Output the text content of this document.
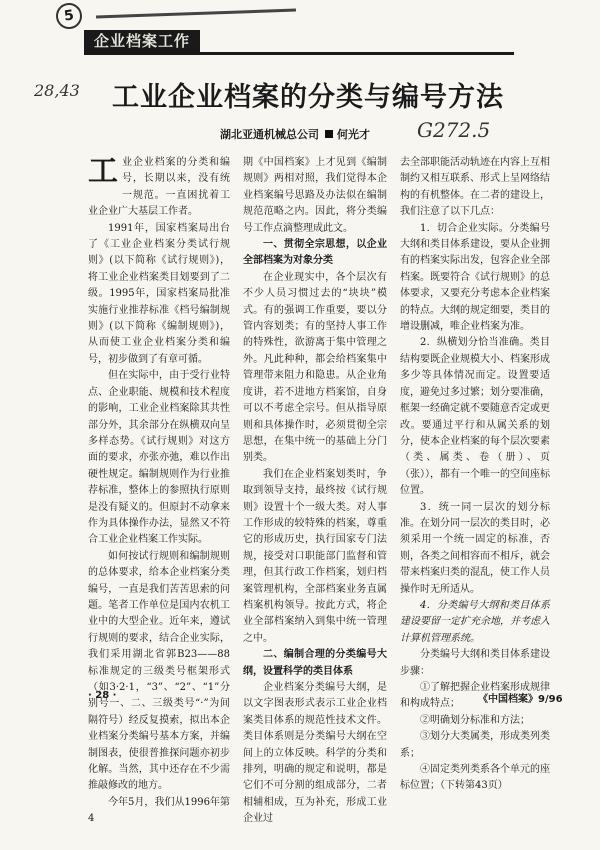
5
企业档案工作
28,43 工业企业档案的分类与编号方法
湖北亚通机械总公司 何光才 G272.5

工业企业档案的分类和编号，长期以来，没有统一规范。一直困扰着工业企业广大基层工作者。

1991年，国家档案局出台了《工业企业档案分类试行规则》(以下简称《试行规则》)，将工业企业档案类目划要到了二级。1995年，国家档案局批准实施行业推荐标准《档号编制规则》(以下简称《编制规则》)，从而使工业企业档案分类和编号，初步做到了有章可循。

但在实际中，由于受行业特点、企业职能、规模和技术程度的影响，工业企业档案除其共性部分外，其余部分在纵横双向呈多样态势。《试行规则》对这方面的要求，亦张亦弛，难以作出硬性规定。编制规则作为行业推荐标准，整体上的参照执行原则是没有疑义的。但原封不动拿来作为具体操作办法，显然又不符合工业企业档案工作实际。

如何按试行规则和编制规则的总体要求，给本企业档案分类编号，一直是我们苦苦思索的问题。笔者工作单位是国内农机工业中的大型企业。近年来，遵试行规则的要求，结合企业实际，我们采用湖北省郭B23——88标准规定的三级类号框架形式（如3·2·1，“3”、“2”、“1”分别号一、二、三级类号“·”为间隔符号）经反复摸索，拟出本企业档案分类编号基本方案，并编制图表，使很普推探问题亦初步化解。当然，其中还存在不少需推敲修改的地方。

今年5月，我们从1996年第4

期《中国档案》上才见到《编制规则》两相对照，我们觉得本企业档案编号思路及办法似在编制规范范略之内。因此，将分类编号工作点滴整理成此文。

一、贯彻全宗思想，以企业全部档案为对象分类

在企业现实中，各个层次有不少人员习惯过去的“块块”模式。有的强调工作重要，要以分管内容划类；有的坚持人事工作的特殊性，欲游离于集中管理之外。凡此种种，都会给档案集中管理带来阻力和隐患。从企业角度讲，若不进地方档案馆，自身可以不考虑全宗号。但从指导原则和具体操作时，必须贯彻全宗思想，在集中统一的基础上分门别类。

我们在企业档案划类时，争取到领导支持，最终按《试行规则》设置十个一级大类。对人事工作形成的较特殊的档案，尊重它的形成历史，执行国家专门法规，接受对口职能部门监督和管理，但其行政工作档案，划归档案管理机构，全部档案业务直属档案机构领导。按此方式，将企业全部档案纳入到集中统一管理之中。

二、编制合理的分类编号大纲，设置科学的类目体系

企业档案分类编号大纲，是以文字图表形式表示工业企业档案类目体系的规范性技术文件。类目体系则是分类编号大纲在空间上的立体反映。科学的分类和排列，明确的规定和说明，都是它们不可分割的组成部分，二者相辅相成，互为补充，形成工业企业过

去全部职能活动轨迹在内容上互相制约又相互联系、形式上呈网络结构的有机整体。在二者的建设上，我们注意了以下几点：

1．切合企业实际。分类编号大纲和类目体系建设，要从企业拥有的档案实际出发，包容企业全部档案。既要符合《试行规则》的总体要求，又要充分考虑本企业档案的特点。大纲的规定细要，类目的增设删减，唯企业档案为准。

2．纵横划分恰当准确。类目结构要既企业规模大小、档案形成多少等具体情况而定。设置要适度，避免过多过繁；划分要准确，框架一经确定就不要随意否定或更改。要通过平行和从属关系的划分，使本企业档案的每个层次要素（类、属类、卷（册）、页（张）），都有一个唯一的空间座标位置。

3．统一同一层次的划分标准。在划分同一层次的类目时，必须采用一个统一固定的标准，否则，各类之间相容而不相斥，就会带来档案归类的混乱，使工作人员操作时无所适从。

4．分类编号大纲和类目体系建设要留一定扩充余地，并考虑入计算机管理系统。

分类编号大纲和类目体系建设步骤：

①了解把握企业档案形成规律和构成特点；

②明确划分标准和方法；

③划分大类属类，形成类列类系；

④固定类列类系各个单元的座标位置；（下转第43页）

· 28 ·	《中国档案》9/96
